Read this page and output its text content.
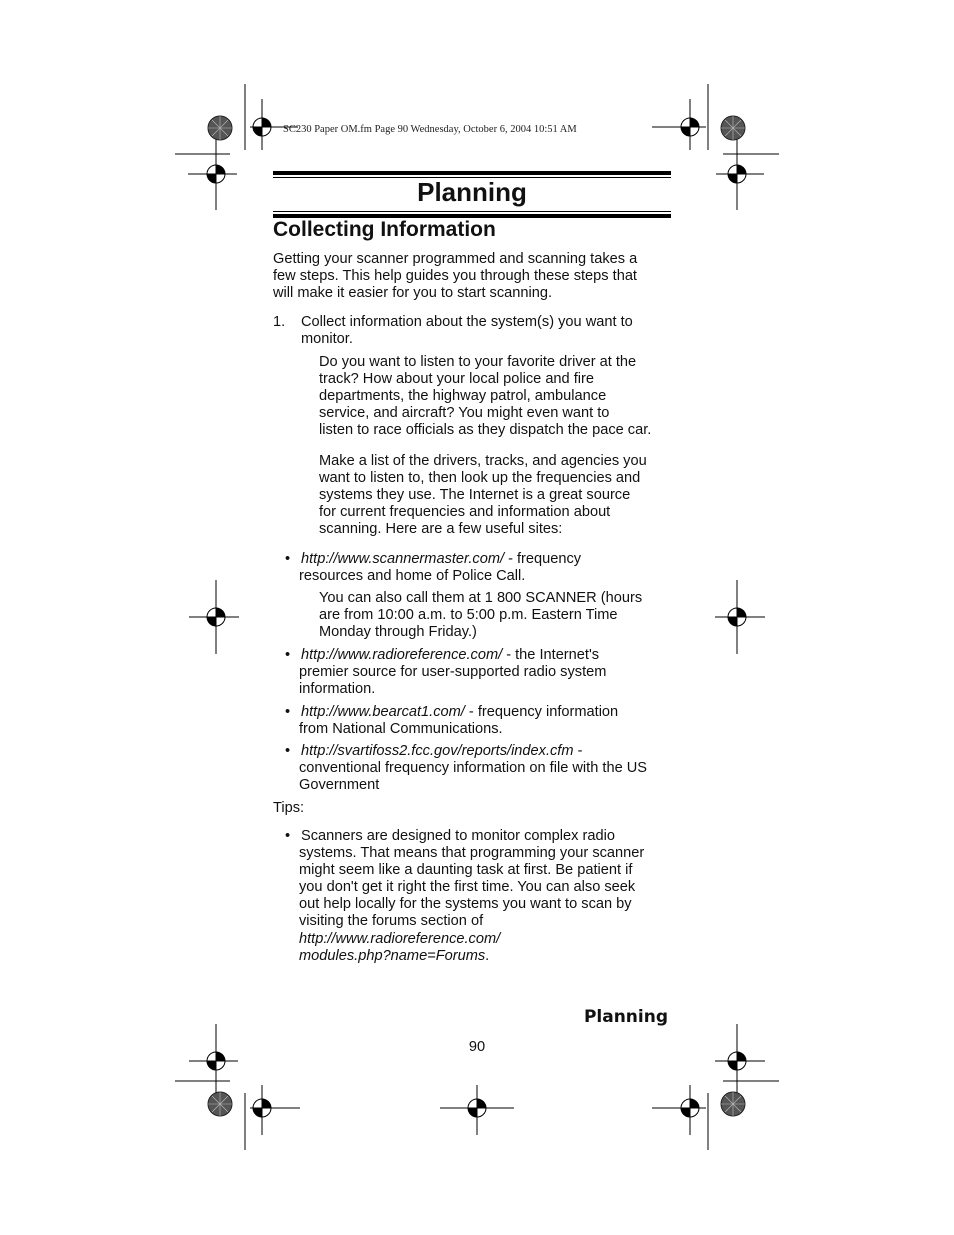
SC230 Paper OM.fm Page 90 Wednesday, October 6, 2004 10:51 AM
Planning
Collecting Information
Getting your scanner programmed and scanning takes a
few steps. This help guides you through these steps that
will make it easier for you to start scanning.
1. Collect information about the system(s) you want to
monitor.
Do you want to listen to your favorite driver at the
track? How about your local police and fire
departments, the highway patrol, ambulance
service, and aircraft? You might even want to
listen to race officials as they dispatch the pace car.
Make a list of the drivers, tracks, and agencies you
want to listen to, then look up the frequencies and
systems they use. The Internet is a great source
for current frequencies and information about
scanning. Here are a few useful sites:
• http://www.scannermaster.com/ - frequency
resources and home of Police Call.
You can also call them at 1 800 SCANNER (hours
are from 10:00 a.m. to 5:00 p.m. Eastern Time
Monday through Friday.)
• http://www.radioreference.com/ - the Internet's
premier source for user-supported radio system
information.
• http://www.bearcat1.com/ - frequency information
from National Communications.
• http://svartifoss2.fcc.gov/reports/index.cfm -
conventional frequency information on file with the US
Government
Tips:
• Scanners are designed to monitor complex radio
systems. That means that programming your scanner
might seem like a daunting task at first. Be patient if
you don't get it right the first time. You can also seek
out help locally for the systems you want to scan by
visiting the forums section of
http://www.radioreference.com/
modules.php?name=Forums.
Planning
90
